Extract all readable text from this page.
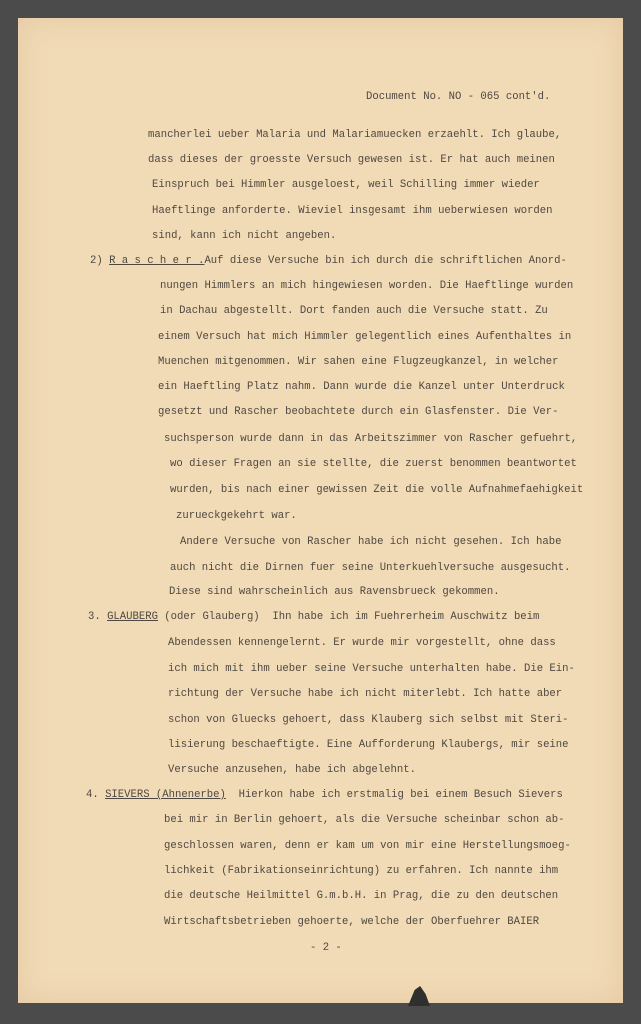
Document No. NO - 065 cont'd.
mancherlei ueber Malaria und Malariamuecken erzaehlt. Ich glaube,
dass dieses der groesste Versuch gewesen ist. Er hat auch meinen
Einspruch bei Himmler ausgeloest, weil Schilling immer wieder
Haeftlinge anforderte. Wieviel insgesamt ihm ueberwiesen worden
sind, kann ich nicht angeben.
2) R a s c h e r .Auf diese Versuche bin ich durch die schriftlichen Anord-
nungen Himmlers an mich hingewiesen worden. Die Haeftlinge wurden
in Dachau abgestellt. Dort fanden auch die Versuche statt. Zu
einem Versuch hat mich Himmler gelegentlich eines Aufenthaltes in
Muenchen mitgenommen. Wir sahen eine Flugzeugkanzel, in welcher
ein Haeftling Platz nahm. Dann wurde die Kanzel unter Unterdruck
gesetzt und Rascher beobachtete durch ein Glasfenster. Die Ver-
suchsperson wurde dann in das Arbeitszimmer von Rascher gefuehrt,
wo dieser Fragen an sie stellte, die zuerst benommen beantwortet
wurden, bis nach einer gewissen Zeit die volle Aufnahmefaehigkeit
zurueckgekehrt war.
Andere Versuche von Rascher habe ich nicht gesehen. Ich habe
auch nicht die Dirnen fuer seine Unterkuehlversuche ausgesucht.
Diese sind wahrscheinlich aus Ravensbrueck gekommen.
3. GLAUBERG (oder Glauberg)  Ihn habe ich im Fuehrerheim Auschwitz beim
Abendessen kennengelernt. Er wurde mir vorgestellt, ohne dass
ich mich mit ihm ueber seine Versuche unterhalten habe. Die Ein-
richtung der Versuche habe ich nicht miterlebt. Ich hatte aber
schon von Gluecks gehoert, dass Klauberg sich selbst mit Steri-
lisierung beschaeftigte. Eine Aufforderung Klaubergs, mir seine
Versuche anzusehen, habe ich abgelehnt.
4. SIEVERS (Ahnenerbe) Hierkon habe ich erstmalig bei einem Besuch Sievers
bei mir in Berlin gehoert, als die Versuche scheinbar schon ab-
geschlossen waren, denn er kam um von mir eine Herstellungsmoeg-
lichkeit (Fabrikationseinrichtung) zu erfahren. Ich nannte ihm
die deutsche Heilmittel G.m.b.H. in Prag, die zu den deutschen
Wirtschaftsbetrieben gehoerte, welche der Oberfuehrer BAIER
- 2 -
